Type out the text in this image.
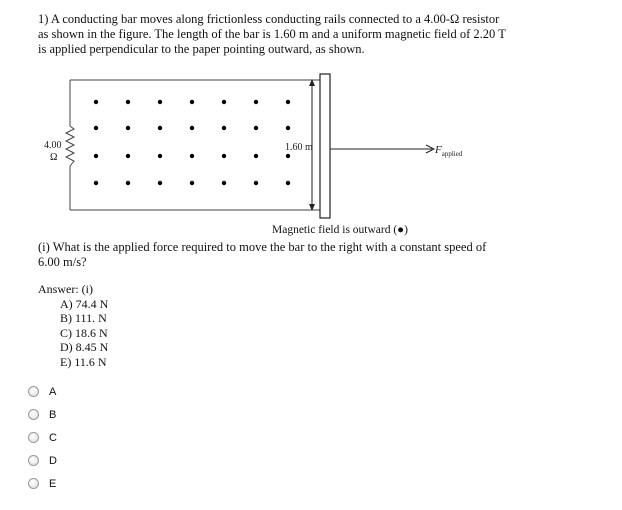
1) A conducting bar moves along frictionless conducting rails connected to a 4.00-Ω resistor as shown in the figure. The length of the bar is 1.60 m and a uniform magnetic field of 2.20 T is applied perpendicular to the paper pointing outward, as shown.
4.00
Ω
1.60 m	$F_{applied}$
Magnetic field is outward (●)
(i) What is the applied force required to move the bar to the right with a constant speed of 6.00 m/s?
Answer: (i)
A) 74.4 N
B) 111. N
C) 18.6 N
D) 8.45 N
E) 11.6 N
A
B
C
D
E
